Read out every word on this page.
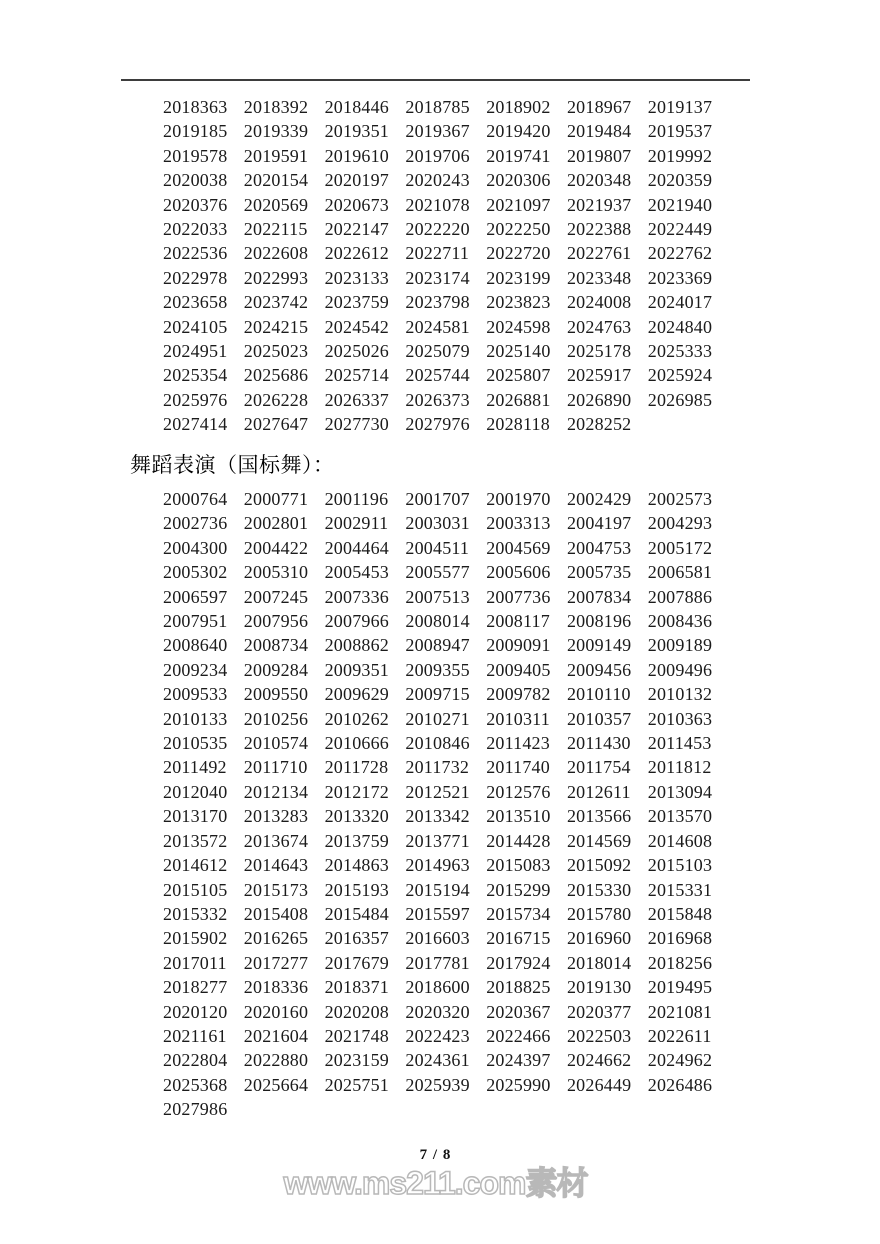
2018363 2018392 2018446 2018785 2018902 2018967 2019137
2019185 2019339 2019351 2019367 2019420 2019484 2019537
2019578 2019591 2019610 2019706 2019741 2019807 2019992
2020038 2020154 2020197 2020243 2020306 2020348 2020359
2020376 2020569 2020673 2021078 2021097 2021937 2021940
2022033 2022115 2022147 2022220 2022250 2022388 2022449
2022536 2022608 2022612 2022711 2022720 2022761 2022762
2022978 2022993 2023133 2023174 2023199 2023348 2023369
2023658 2023742 2023759 2023798 2023823 2024008 2024017
2024105 2024215 2024542 2024581 2024598 2024763 2024840
2024951 2025023 2025026 2025079 2025140 2025178 2025333
2025354 2025686 2025714 2025744 2025807 2025917 2025924
2025976 2026228 2026337 2026373 2026881 2026890 2026985
2027414 2027647 2027730 2027976 2028118 2028252
舞蹈表演（国标舞）：
2000764 2000771 2001196 2001707 2001970 2002429 2002573
2002736 2002801 2002911 2003031 2003313 2004197 2004293
2004300 2004422 2004464 2004511 2004569 2004753 2005172
2005302 2005310 2005453 2005577 2005606 2005735 2006581
2006597 2007245 2007336 2007513 2007736 2007834 2007886
2007951 2007956 2007966 2008014 2008117 2008196 2008436
2008640 2008734 2008862 2008947 2009091 2009149 2009189
2009234 2009284 2009351 2009355 2009405 2009456 2009496
2009533 2009550 2009629 2009715 2009782 2010110 2010132
2010133 2010256 2010262 2010271 2010311 2010357 2010363
2010535 2010574 2010666 2010846 2011423 2011430 2011453
2011492 2011710 2011728 2011732 2011740 2011754 2011812
2012040 2012134 2012172 2012521 2012576 2012611 2013094
2013170 2013283 2013320 2013342 2013510 2013566 2013570
2013572 2013674 2013759 2013771 2014428 2014569 2014608
2014612 2014643 2014863 2014963 2015083 2015092 2015103
2015105 2015173 2015193 2015194 2015299 2015330 2015331
2015332 2015408 2015484 2015597 2015734 2015780 2015848
2015902 2016265 2016357 2016603 2016715 2016960 2016968
2017011 2017277 2017679 2017781 2017924 2018014 2018256
2018277 2018336 2018371 2018600 2018825 2019130 2019495
2020120 2020160 2020208 2020320 2020367 2020377 2021081
2021161 2021604 2021748 2022423 2022466 2022503 2022611
2022804 2022880 2023159 2024361 2024397 2024662 2024962
2025368 2025664 2025751 2025939 2025990 2026449 2026486
2027986
www.ms211.com素材
7 / 8
